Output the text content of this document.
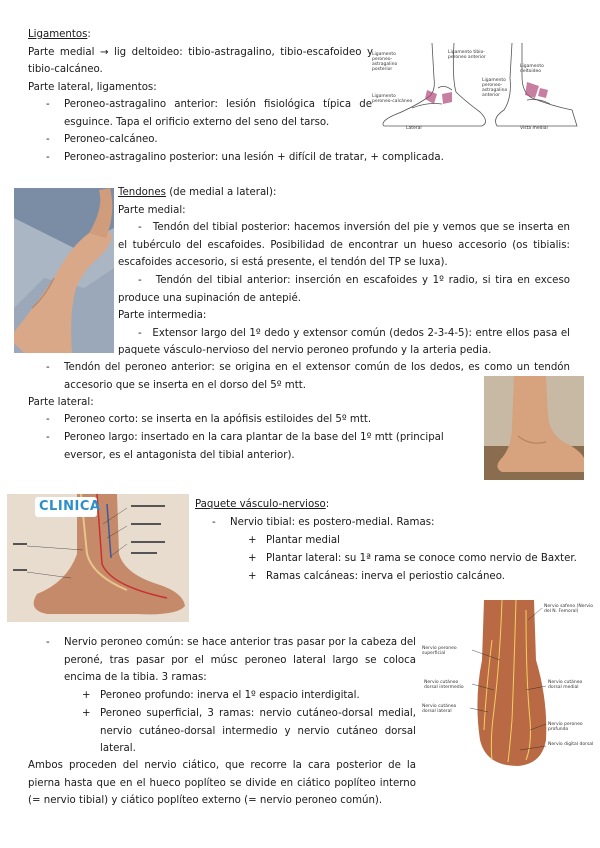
Ligamentos:
Parte medial → lig deltoideo: tibio-astragalino, tibio-escafoideo y tibio-calcáneo.
Parte lateral, ligamentos:
- Peroneo-astragalino anterior: lesión fisiológica típica de esguince. Tapa el orificio externo del seno del tarso.
- Peroneo-calcáneo.
- Peroneo-astragalino posterior: una lesión + difícil de tratar, + complicada.
Ligamento peroneo-astragalino posterior
Ligamento peroneo-calcáneo
Ligamento tibio-peroneo anterior
Ligamento peroneo-astragalino anterior
Ligamento deltoideo
Lateral	Vista medial
Tendones (de medial a lateral):
Parte medial:
-   Tendón del tibial posterior: hacemos inversión del pie y vemos que se inserta en el tubérculo del escafoides. Posibilidad de encontrar un hueso accesorio (os tibialis: escafoides accesorio, si está presente, el tendón del TP se luxa).
-   Tendón del tibial anterior: inserción en escafoides y 1º radio, si tira en exceso produce una supinación de antepié.
Parte intermedia:
-   Extensor largo del 1º dedo y extensor común (dedos 2-3-4-5): entre ellos pasa el paquete vásculo-nervioso del nervio peroneo profundo y la arteria pedia.
- Tendón del peroneo anterior: se origina en el extensor común de los dedos, es como un tendón accesorio que se inserta en el dorso del 5º mtt.
Parte lateral:
- Peroneo corto: se inserta en la apófisis estiloides del 5º mtt.
- Peroneo largo: insertado en la cara plantar de la base del 1º mtt (principal eversor, es el antagonista del tibial anterior).
CLINICA	Paquete vásculo-nervioso:
- Nervio tibial: es postero-medial. Ramas:
+ Plantar medial
+ Plantar lateral: su 1ª rama se conoce como nervio de Baxter.
+ Ramas calcáneas: inerva el periostio calcáneo.
Nervio safeno (Nervio del N. Femoral)
Nervio peroneo superficial
Nervio cutáneo dorsal intermedio
Nervio cutáneo dorsal medial
Nervio cutáneo dorsal lateral
Nervio peroneo profundo
Nervio digital dorsal
- Nervio peroneo común: se hace anterior tras pasar por la cabeza del peroné, tras pasar por el músc peroneo lateral largo se coloca encima de la tibia. 3 ramas:
+ Peroneo profundo: inerva el 1º espacio interdigital.
+ Peroneo superficial, 3 ramas: nervio cutáneo-dorsal medial, nervio cutáneo-dorsal intermedio y nervio cutáneo dorsal lateral.
Ambos proceden del nervio ciático, que recorre la cara posterior de la pierna hasta que en el hueco poplíteo se divide en ciático poplíteo interno (= nervio tibial) y ciático poplíteo externo (= nervio peroneo común).
